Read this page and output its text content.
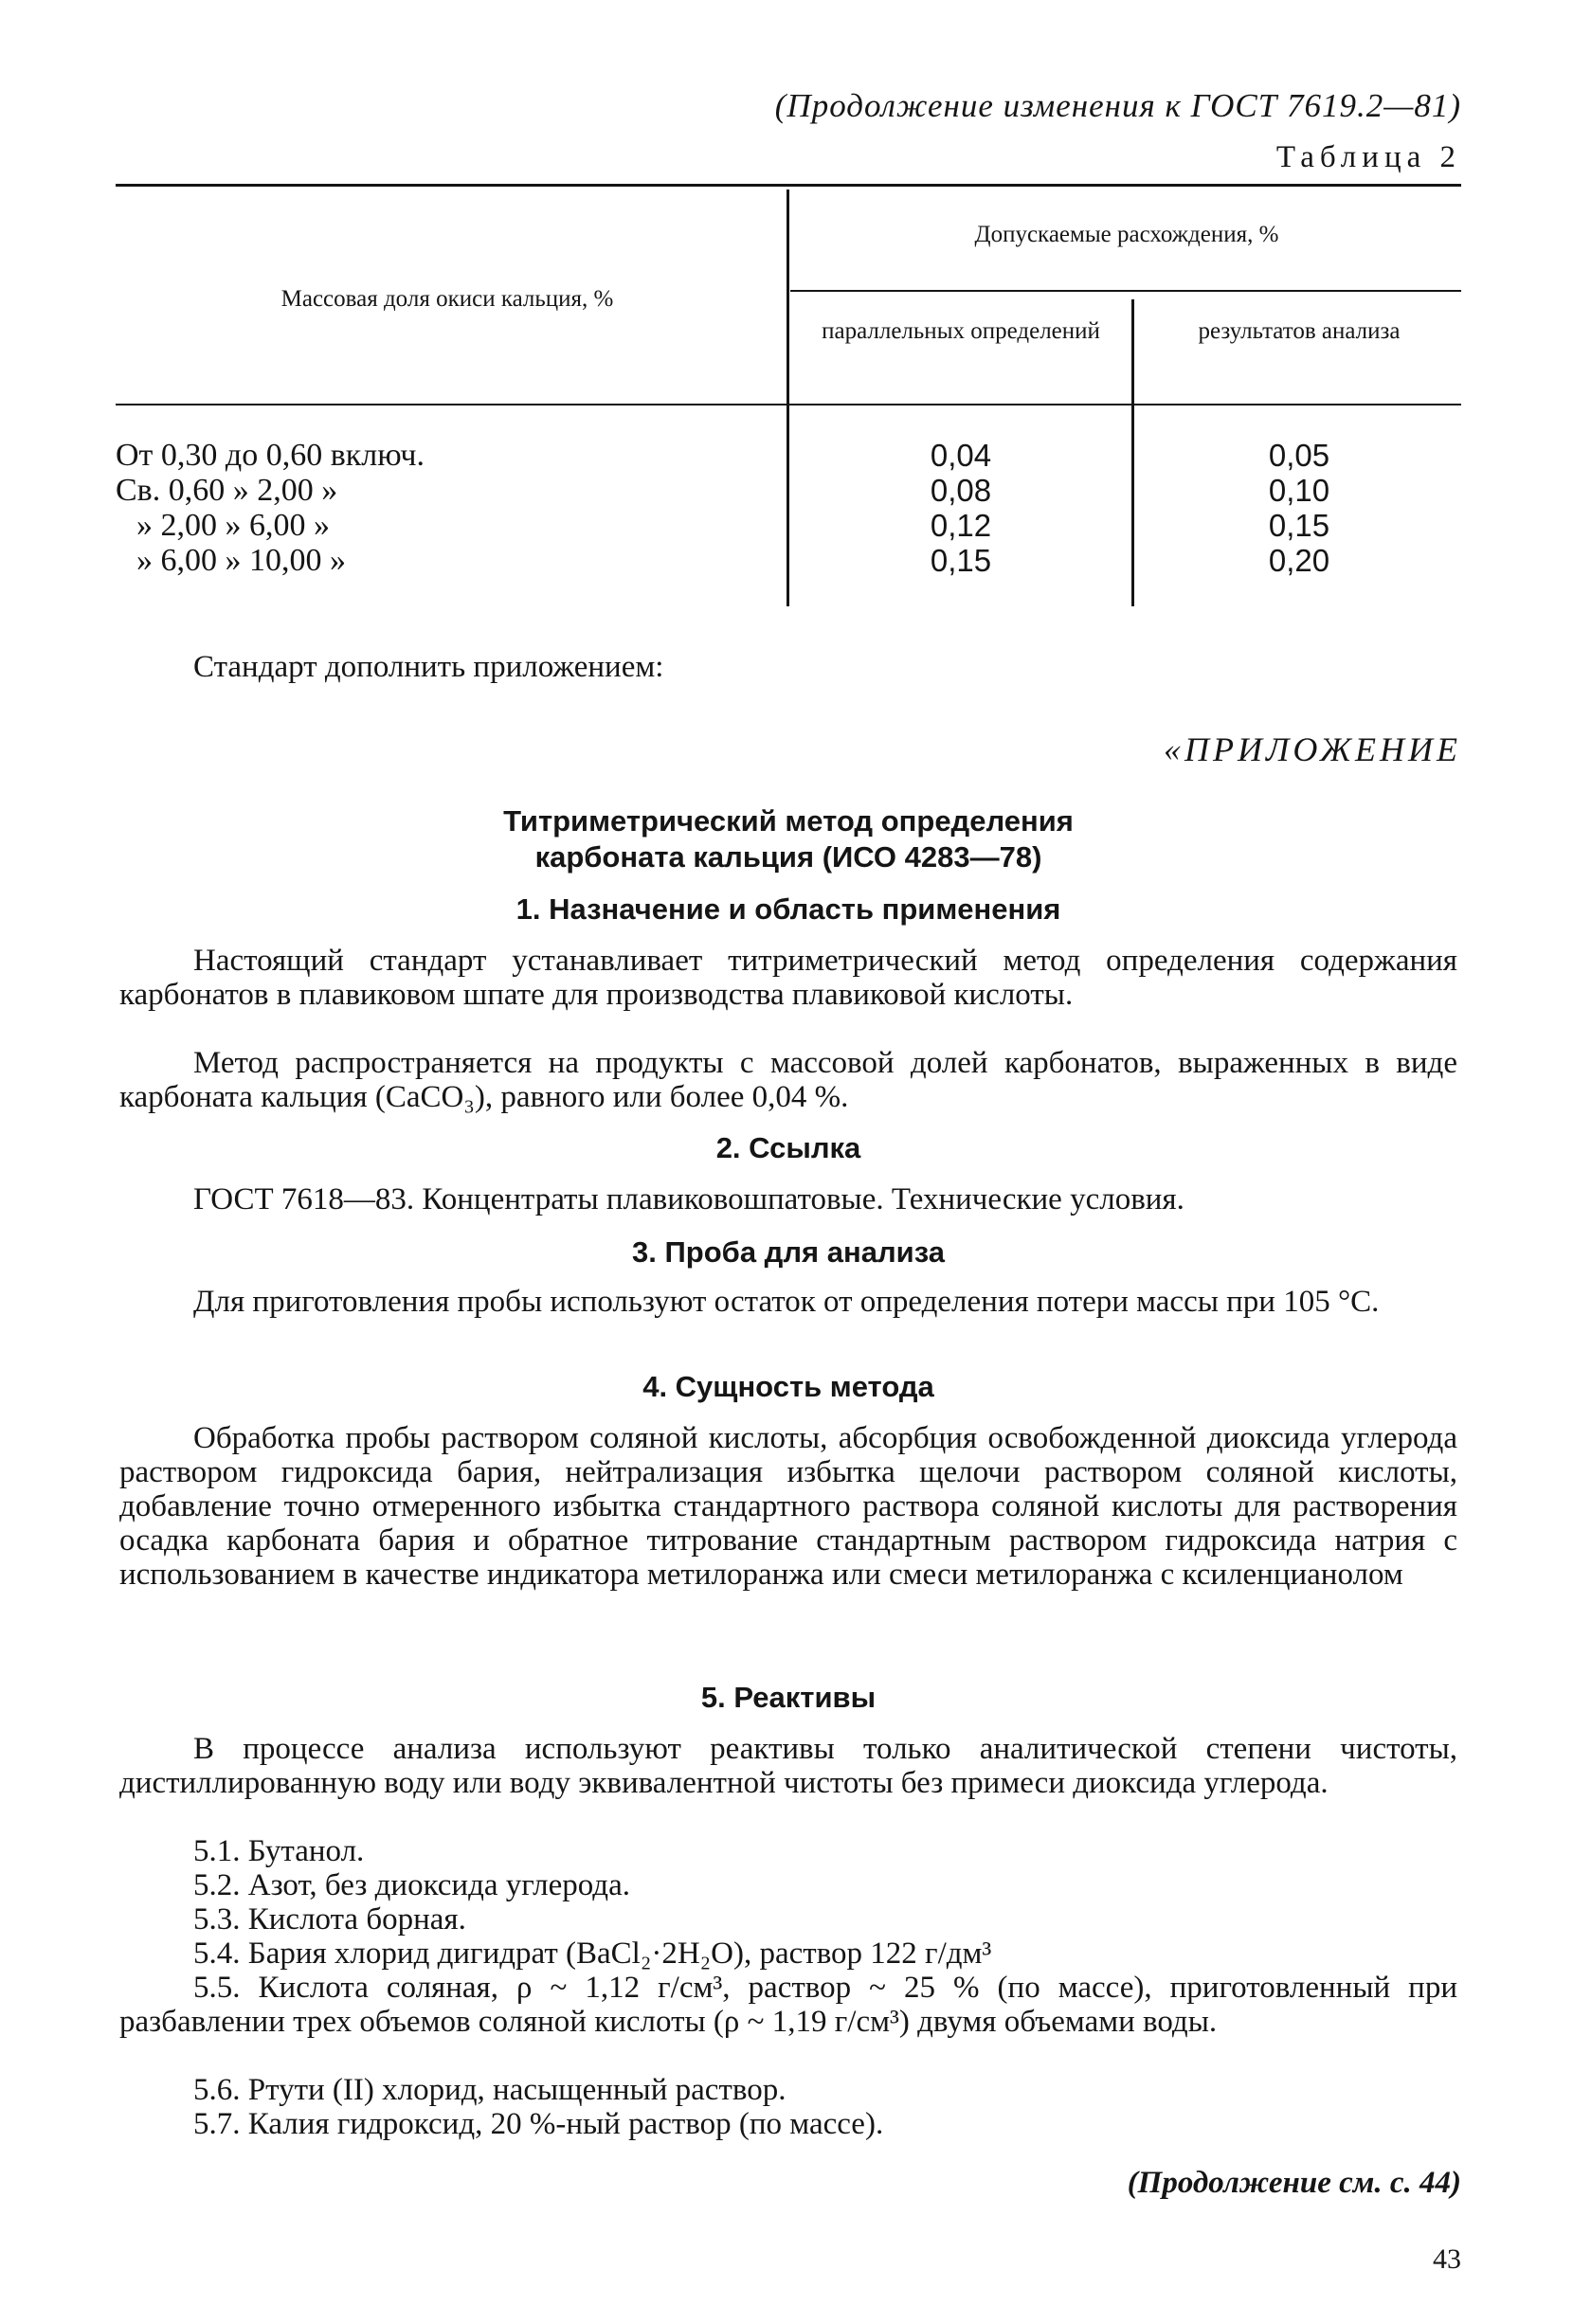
(Продолжение изменения к ГОСТ 7619.2—81)
Таблица 2
Массовая доля окиси кальция, %
Допускаемые расхождения, %
параллельных определений	результатов анализа
От 0,30 до 0,60 включ.	0,04	0,05
Св. 0,60 » 2,00 »	0,08	0,10
» 2,00 » 6,00 »	0,12	0,15
» 6,00 » 10,00 »	0,15	0,20
Стандарт дополнить приложением:
«ПРИЛОЖЕНИЕ
Титриметрический метод определения
карбоната кальция (ИСО 4283—78)
1. Назначение и область применения
Настоящий стандарт устанавливает титриметрический метод определения содержания карбонатов в плавиковом шпате для производства плавиковой кислоты.
Метод распространяется на продукты с массовой долей карбонатов, выраженных в виде карбоната кальция (CaCO₃), равного или более 0,04 %.
2. Ссылка
ГОСТ 7618—83. Концентраты плавиковошпатовые. Технические условия.
3. Проба для анализа
Для приготовления пробы используют остаток от определения потери массы при 105 °С.
4. Сущность метода
Обработка пробы раствором соляной кислоты, абсорбция освобожденной диоксида углерода раствором гидроксида бария, нейтрализация избытка щелочи раствором соляной кислоты, добавление точно отмеренного избытка стандартного раствора соляной кислоты для растворения осадка карбоната бария и обратное титрование стандартным раствором гидроксида натрия с использованием в качестве индикатора метилоранжа или смеси метилоранжа с ксиленцианолом
5. Реактивы
В процессе анализа используют реактивы только аналитической степени чистоты, дистиллированную воду или воду эквивалентной чистоты без примеси диоксида углерода.
5.1. Бутанол.
5.2. Азот, без диоксида углерода.
5.3. Кислота борная.
5.4. Бария хлорид дигидрат (BaCl₂·2H₂O), раствор 122 г/дм³
5.5. Кислота соляная, ρ ~ 1,12 г/см³, раствор ~ 25 % (по массе), приготовленный при разбавлении трех объемов соляной кислоты (ρ ~ 1,19 г/см³) двумя объемами воды.
5.6. Ртути (II) хлорид, насыщенный раствор.
5.7. Калия гидроксид, 20 %-ный раствор (по массе).
(Продолжение см. с. 44)
43
